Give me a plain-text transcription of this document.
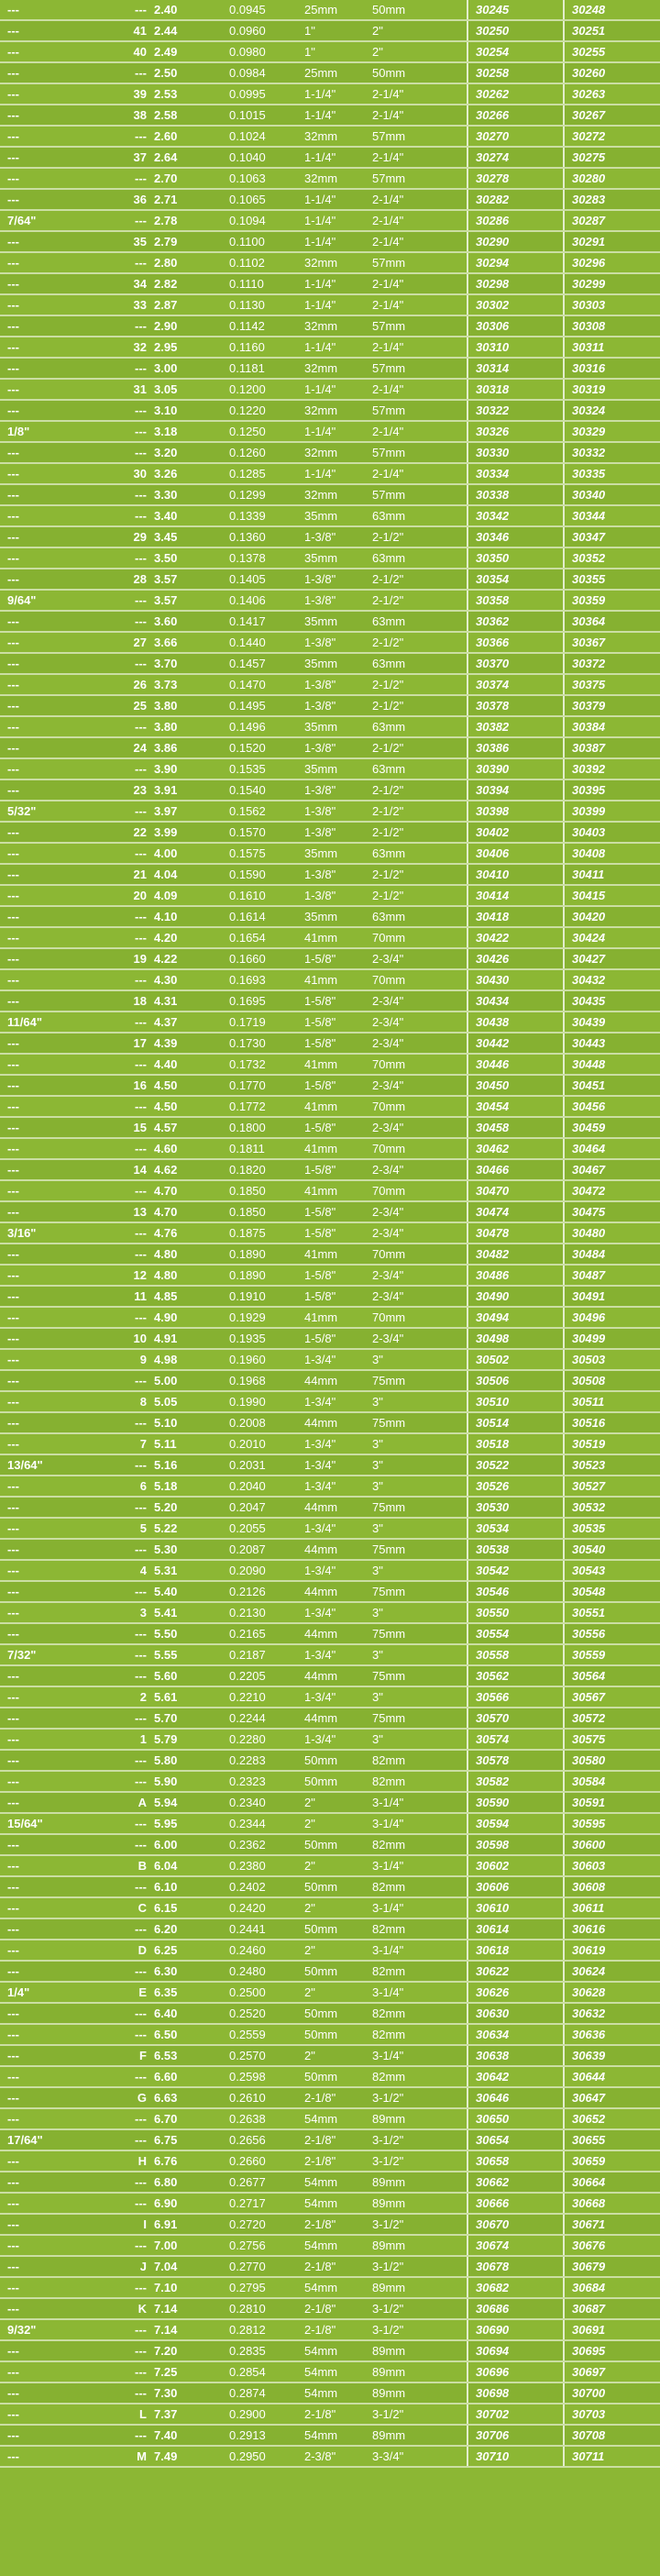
---	---	2.40	0.0945	25mm	50mm	30245	30248
---	41	2.44	0.0960	1"	2"	30250	30251
---	40	2.49	0.0980	1"	2"	30254	30255
---	---	2.50	0.0984	25mm	50mm	30258	30260
---	39	2.53	0.0995	1-1/4"	2-1/4"	30262	30263
---	38	2.58	0.1015	1-1/4"	2-1/4"	30266	30267
---	---	2.60	0.1024	32mm	57mm	30270	30272
---	37	2.64	0.1040	1-1/4"	2-1/4"	30274	30275
---	---	2.70	0.1063	32mm	57mm	30278	30280
---	36	2.71	0.1065	1-1/4"	2-1/4"	30282	30283
7/64"	---	2.78	0.1094	1-1/4"	2-1/4"	30286	30287
---	35	2.79	0.1100	1-1/4"	2-1/4"	30290	30291
---	---	2.80	0.1102	32mm	57mm	30294	30296
---	34	2.82	0.1110	1-1/4"	2-1/4"	30298	30299
---	33	2.87	0.1130	1-1/4"	2-1/4"	30302	30303
---	---	2.90	0.1142	32mm	57mm	30306	30308
---	32	2.95	0.1160	1-1/4"	2-1/4"	30310	30311
---	---	3.00	0.1181	32mm	57mm	30314	30316
---	31	3.05	0.1200	1-1/4"	2-1/4"	30318	30319
---	---	3.10	0.1220	32mm	57mm	30322	30324
1/8"	---	3.18	0.1250	1-1/4"	2-1/4"	30326	30329
---	---	3.20	0.1260	32mm	57mm	30330	30332
---	30	3.26	0.1285	1-1/4"	2-1/4"	30334	30335
---	---	3.30	0.1299	32mm	57mm	30338	30340
---	---	3.40	0.1339	35mm	63mm	30342	30344
---	29	3.45	0.1360	1-3/8"	2-1/2"	30346	30347
---	---	3.50	0.1378	35mm	63mm	30350	30352
---	28	3.57	0.1405	1-3/8"	2-1/2"	30354	30355
9/64"	---	3.57	0.1406	1-3/8"	2-1/2"	30358	30359
---	---	3.60	0.1417	35mm	63mm	30362	30364
---	27	3.66	0.1440	1-3/8"	2-1/2"	30366	30367
---	---	3.70	0.1457	35mm	63mm	30370	30372
---	26	3.73	0.1470	1-3/8"	2-1/2"	30374	30375
---	25	3.80	0.1495	1-3/8"	2-1/2"	30378	30379
---	---	3.80	0.1496	35mm	63mm	30382	30384
---	24	3.86	0.1520	1-3/8"	2-1/2"	30386	30387
---	---	3.90	0.1535	35mm	63mm	30390	30392
---	23	3.91	0.1540	1-3/8"	2-1/2"	30394	30395
5/32"	---	3.97	0.1562	1-3/8"	2-1/2"	30398	30399
---	22	3.99	0.1570	1-3/8"	2-1/2"	30402	30403
---	---	4.00	0.1575	35mm	63mm	30406	30408
---	21	4.04	0.1590	1-3/8"	2-1/2"	30410	30411
---	20	4.09	0.1610	1-3/8"	2-1/2"	30414	30415
---	---	4.10	0.1614	35mm	63mm	30418	30420
---	---	4.20	0.1654	41mm	70mm	30422	30424
---	19	4.22	0.1660	1-5/8"	2-3/4"	30426	30427
---	---	4.30	0.1693	41mm	70mm	30430	30432
---	18	4.31	0.1695	1-5/8"	2-3/4"	30434	30435
11/64"	---	4.37	0.1719	1-5/8"	2-3/4"	30438	30439
---	17	4.39	0.1730	1-5/8"	2-3/4"	30442	30443
---	---	4.40	0.1732	41mm	70mm	30446	30448
---	16	4.50	0.1770	1-5/8"	2-3/4"	30450	30451
---	---	4.50	0.1772	41mm	70mm	30454	30456
---	15	4.57	0.1800	1-5/8"	2-3/4"	30458	30459
---	---	4.60	0.1811	41mm	70mm	30462	30464
---	14	4.62	0.1820	1-5/8"	2-3/4"	30466	30467
---	---	4.70	0.1850	41mm	70mm	30470	30472
---	13	4.70	0.1850	1-5/8"	2-3/4"	30474	30475
3/16"	---	4.76	0.1875	1-5/8"	2-3/4"	30478	30480
---	---	4.80	0.1890	41mm	70mm	30482	30484
---	12	4.80	0.1890	1-5/8"	2-3/4"	30486	30487
---	11	4.85	0.1910	1-5/8"	2-3/4"	30490	30491
---	---	4.90	0.1929	41mm	70mm	30494	30496
---	10	4.91	0.1935	1-5/8"	2-3/4"	30498	30499
---	9	4.98	0.1960	1-3/4"	3"	30502	30503
---	---	5.00	0.1968	44mm	75mm	30506	30508
---	8	5.05	0.1990	1-3/4"	3"	30510	30511
---	---	5.10	0.2008	44mm	75mm	30514	30516
---	7	5.11	0.2010	1-3/4"	3"	30518	30519
13/64"	---	5.16	0.2031	1-3/4"	3"	30522	30523
---	6	5.18	0.2040	1-3/4"	3"	30526	30527
---	---	5.20	0.2047	44mm	75mm	30530	30532
---	5	5.22	0.2055	1-3/4"	3"	30534	30535
---	---	5.30	0.2087	44mm	75mm	30538	30540
---	4	5.31	0.2090	1-3/4"	3"	30542	30543
---	---	5.40	0.2126	44mm	75mm	30546	30548
---	3	5.41	0.2130	1-3/4"	3"	30550	30551
---	---	5.50	0.2165	44mm	75mm	30554	30556
7/32"	---	5.55	0.2187	1-3/4"	3"	30558	30559
---	---	5.60	0.2205	44mm	75mm	30562	30564
---	2	5.61	0.2210	1-3/4"	3"	30566	30567
---	---	5.70	0.2244	44mm	75mm	30570	30572
---	1	5.79	0.2280	1-3/4"	3"	30574	30575
---	---	5.80	0.2283	50mm	82mm	30578	30580
---	---	5.90	0.2323	50mm	82mm	30582	30584
---	A	5.94	0.2340	2"	3-1/4"	30590	30591
15/64"	---	5.95	0.2344	2"	3-1/4"	30594	30595
---	---	6.00	0.2362	50mm	82mm	30598	30600
---	B	6.04	0.2380	2"	3-1/4"	30602	30603
---	---	6.10	0.2402	50mm	82mm	30606	30608
---	C	6.15	0.2420	2"	3-1/4"	30610	30611
---	---	6.20	0.2441	50mm	82mm	30614	30616
---	D	6.25	0.2460	2"	3-1/4"	30618	30619
---	---	6.30	0.2480	50mm	82mm	30622	30624
1/4"	E	6.35	0.2500	2"	3-1/4"	30626	30628
---	---	6.40	0.2520	50mm	82mm	30630	30632
---	---	6.50	0.2559	50mm	82mm	30634	30636
---	F	6.53	0.2570	2"	3-1/4"	30638	30639
---	---	6.60	0.2598	50mm	82mm	30642	30644
---	G	6.63	0.2610	2-1/8"	3-1/2"	30646	30647
---	---	6.70	0.2638	54mm	89mm	30650	30652
17/64"	---	6.75	0.2656	2-1/8"	3-1/2"	30654	30655
---	H	6.76	0.2660	2-1/8"	3-1/2"	30658	30659
---	---	6.80	0.2677	54mm	89mm	30662	30664
---	---	6.90	0.2717	54mm	89mm	30666	30668
---	I	6.91	0.2720	2-1/8"	3-1/2"	30670	30671
---	---	7.00	0.2756	54mm	89mm	30674	30676
---	J	7.04	0.2770	2-1/8"	3-1/2"	30678	30679
---	---	7.10	0.2795	54mm	89mm	30682	30684
---	K	7.14	0.2810	2-1/8"	3-1/2"	30686	30687
9/32"	---	7.14	0.2812	2-1/8"	3-1/2"	30690	30691
---	---	7.20	0.2835	54mm	89mm	30694	30695
---	---	7.25	0.2854	54mm	89mm	30696	30697
---	---	7.30	0.2874	54mm	89mm	30698	30700
---	L	7.37	0.2900	2-1/8"	3-1/2"	30702	30703
---	---	7.40	0.2913	54mm	89mm	30706	30708
---	M	7.49	0.2950	2-3/8"	3-3/4"	30710	30711
